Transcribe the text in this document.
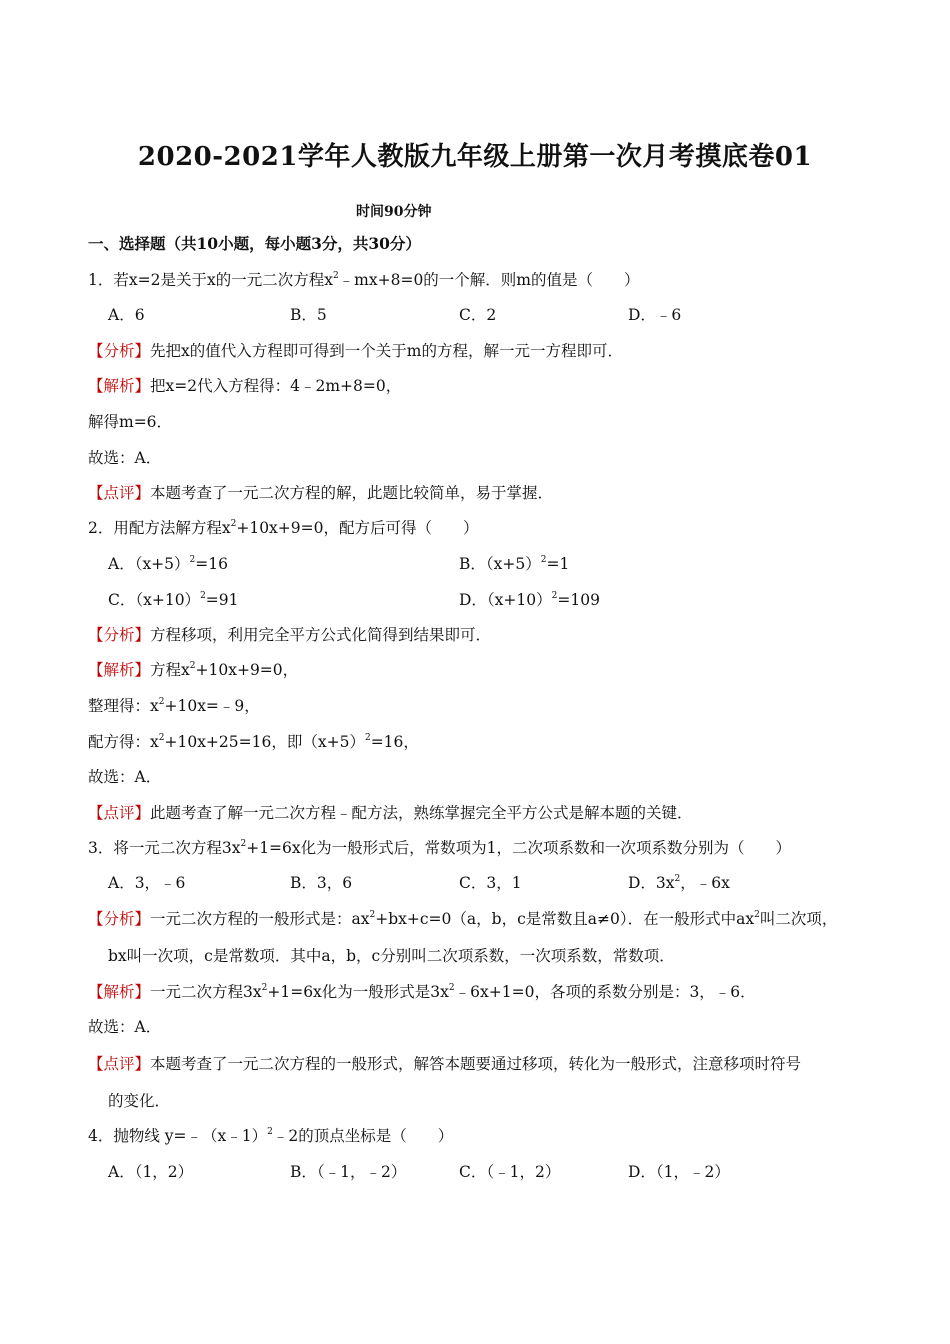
2020-2021学年人教版九年级上册第一次月考摸底卷01
时间90分钟
一、选择题（共10小题，每小题3分，共30分）
1．若x=2是关于x的一元二次方程$x^2﹣mx+8=0$的一个解．则m的值是（　　）
A．6	B．5	C．2	D．﹣6
【分析】先把x的值代入方程即可得到一个关于m的方程，解一元一方程即可．
【解析】把x=2代入方程得：4﹣2m+8=0，
解得m=6．
故选：A．
【点评】本题考查了一元二次方程的解，此题比较简单，易于掌握．
2．用配方法解方程$x^2+10x+9=0$，配方后可得（　　）
A．$(x+5)^2=16$	B．$(x+5)^2=1$
C．$(x+10)^2=91$	D．$(x+10)^2=109$
【分析】方程移项，利用完全平方公式化简得到结果即可．
【解析】方程$x^2+10x+9=0$，
整理得：$x^2+10x=﹣9$，
配方得：$x^2+10x+25=16$，即$(x+5)^2=16$，
故选：A．
【点评】此题考查了解一元二次方程﹣配方法，熟练掌握完全平方公式是解本题的关键．
3．将一元二次方程$3x^2+1=6x$化为一般形式后，常数项为1，二次项系数和一次项系数分别为（　　）
A．3，﹣6	B．3，6	C．3，1	D．$3x^2$，﹣6x
【分析】一元二次方程的一般形式是：$ax^2+bx+c=0(a$，b，c是常数且a≠0）．在一般形式中$ax^2$叫二次项，
bx叫一次项，c是常数项．其中a，b，c分别叫二次项系数，一次项系数，常数项．
【解析】一元二次方程$3x^2+1=6x$化为一般形式是$3x^2﹣6x+1=0$，各项的系数分别是：3，﹣6．
故选：A．
【点评】本题考查了一元二次方程的一般形式，解答本题要通过移项，转化为一般形式，注意移项时符号
的变化．
4．抛物线 y=﹣（x﹣1）$^2$﹣2的顶点坐标是（　　）
A．（1，2）	B．（﹣1，﹣2）	C．（﹣1，2）	D．（1，﹣2）
